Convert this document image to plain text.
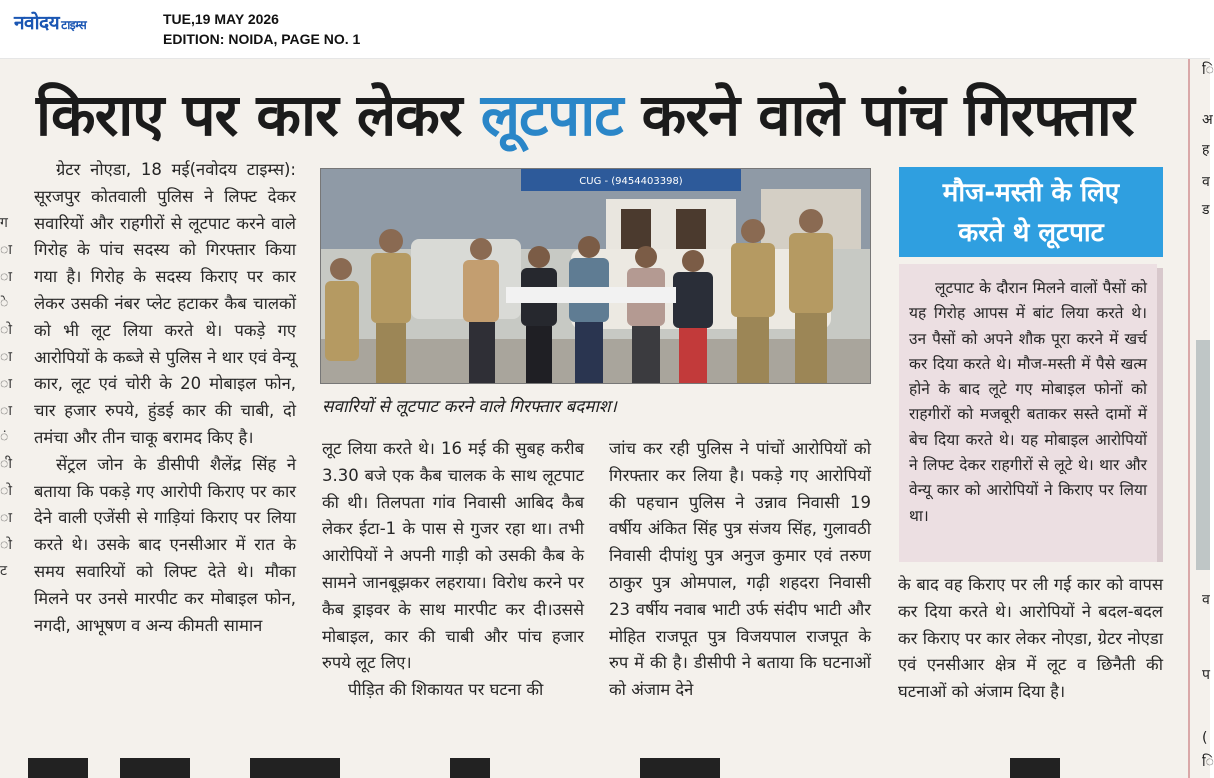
नवोदय टाइम्स	TUE,19 MAY 2026
EDITION: NOIDA, PAGE NO. 1
ग
ा
ा
े
ो
ा
ा
ा
ं
ी
ो
ा
ो
ट
किराए पर कार लेकर लूटपाट करने वाले पांच गिरफ्तार

ग्रेटर नोएडा, 18 मई(नवोदय टाइम्स): सूरजपुर कोतवाली पुलिस ने लिफ्ट देकर सवारियों और राहगीरों से लूटपाट करने वाले गिरोह के पांच सदस्य को गिरफ्तार किया गया है। गिरोह के सदस्य किराए पर कार लेकर उसकी नंबर प्लेट हटाकर कैब चालकों को भी लूट लिया करते थे। पकड़े गए आरोपियों के कब्जे से पुलिस ने थार एवं वेन्यू कार, लूट एवं चोरी के 20 मोबाइल फोन, चार हजार रुपये, हुंडई कार की चाबी, दो तमंचा और तीन चाकू बरामद किए है।

सेंट्रल जोन के डीसीपी शैलेंद्र सिंह ने बताया कि पकड़े गए आरोपी किराए पर कार देने वाली एजेंसी से गाड़ियां किराए पर लिया करते थे। उसके बाद एनसीआर में रात के समय सवारियों को लिफ्ट देते थे। मौका मिलने पर उनसे मारपीट कर मोबाइल फोन, नगदी, आभूषण व अन्य कीमती सामान

CUG - (9454403398)
सवारियों से लूटपाट करने वाले गिरफ्तार बदमाश।

लूट लिया करते थे। 16 मई की सुबह करीब 3.30 बजे एक कैब चालक के साथ लूटपाट की थी। तिलपता गांव निवासी आबिद कैब लेकर ईटा-1 के पास से गुजर रहा था। तभी आरोपियों ने अपनी गाड़ी को उसकी कैब के सामने जानबूझकर लहराया। विरोध करने पर कैब ड्राइवर के साथ मारपीट कर दी।उससे मोबाइल, कार की चाबी और पांच हजार रुपये लूट लिए।

पीड़ित की शिकायत पर घटना की

जांच कर रही पुलिस ने पांचों आरोपियों को गिरफ्तार कर लिया है। पकड़े गए आरोपियों की पहचान पुलिस ने उन्नाव निवासी 19 वर्षीय अंकित सिंह पुत्र संजय सिंह, गुलावठी निवासी दीपांशु पुत्र अनुज कुमार एवं तरुण ठाकुर पुत्र ओमपाल, गढ़ी शहदरा निवासी 23 वर्षीय नवाब भाटी उर्फ संदीप भाटी और मोहित राजपूत पुत्र विजयपाल राजपूत के रुप में की है। डीसीपी ने बताया कि घटनाओं को अंजाम देने

मौज-मस्ती के लिए
करते थे लूटपाट

लूटपाट के दौरान मिलने वालों पैसों को यह गिरोह आपस में बांट लिया करते थे। उन पैसों को अपने शौक पूरा करने में खर्च कर दिया करते थे। मौज-मस्ती में पैसे खत्म होने के बाद लूटे गए मोबाइल फोनों को राहगीरों को मजबूरी बताकर सस्ते दामों में बेच दिया करते थे। यह मोबाइल आरोपियों ने लिफ्ट देकर राहगीरों से लूटे थे। थार और वेन्यू कार को आरोपियों ने किराए पर लिया था।

के बाद वह किराए पर ली गई कार को वापस कर दिया करते थे। आरोपियों ने बदल-बदल कर किराए पर कार लेकर नोएडा, ग्रेटर नोएडा एवं एनसीआर क्षेत्र में लूट व छिनैती की घटनाओं को अंजाम दिया है।

ि
अ
ह
व
ड
व
प
(
ि
